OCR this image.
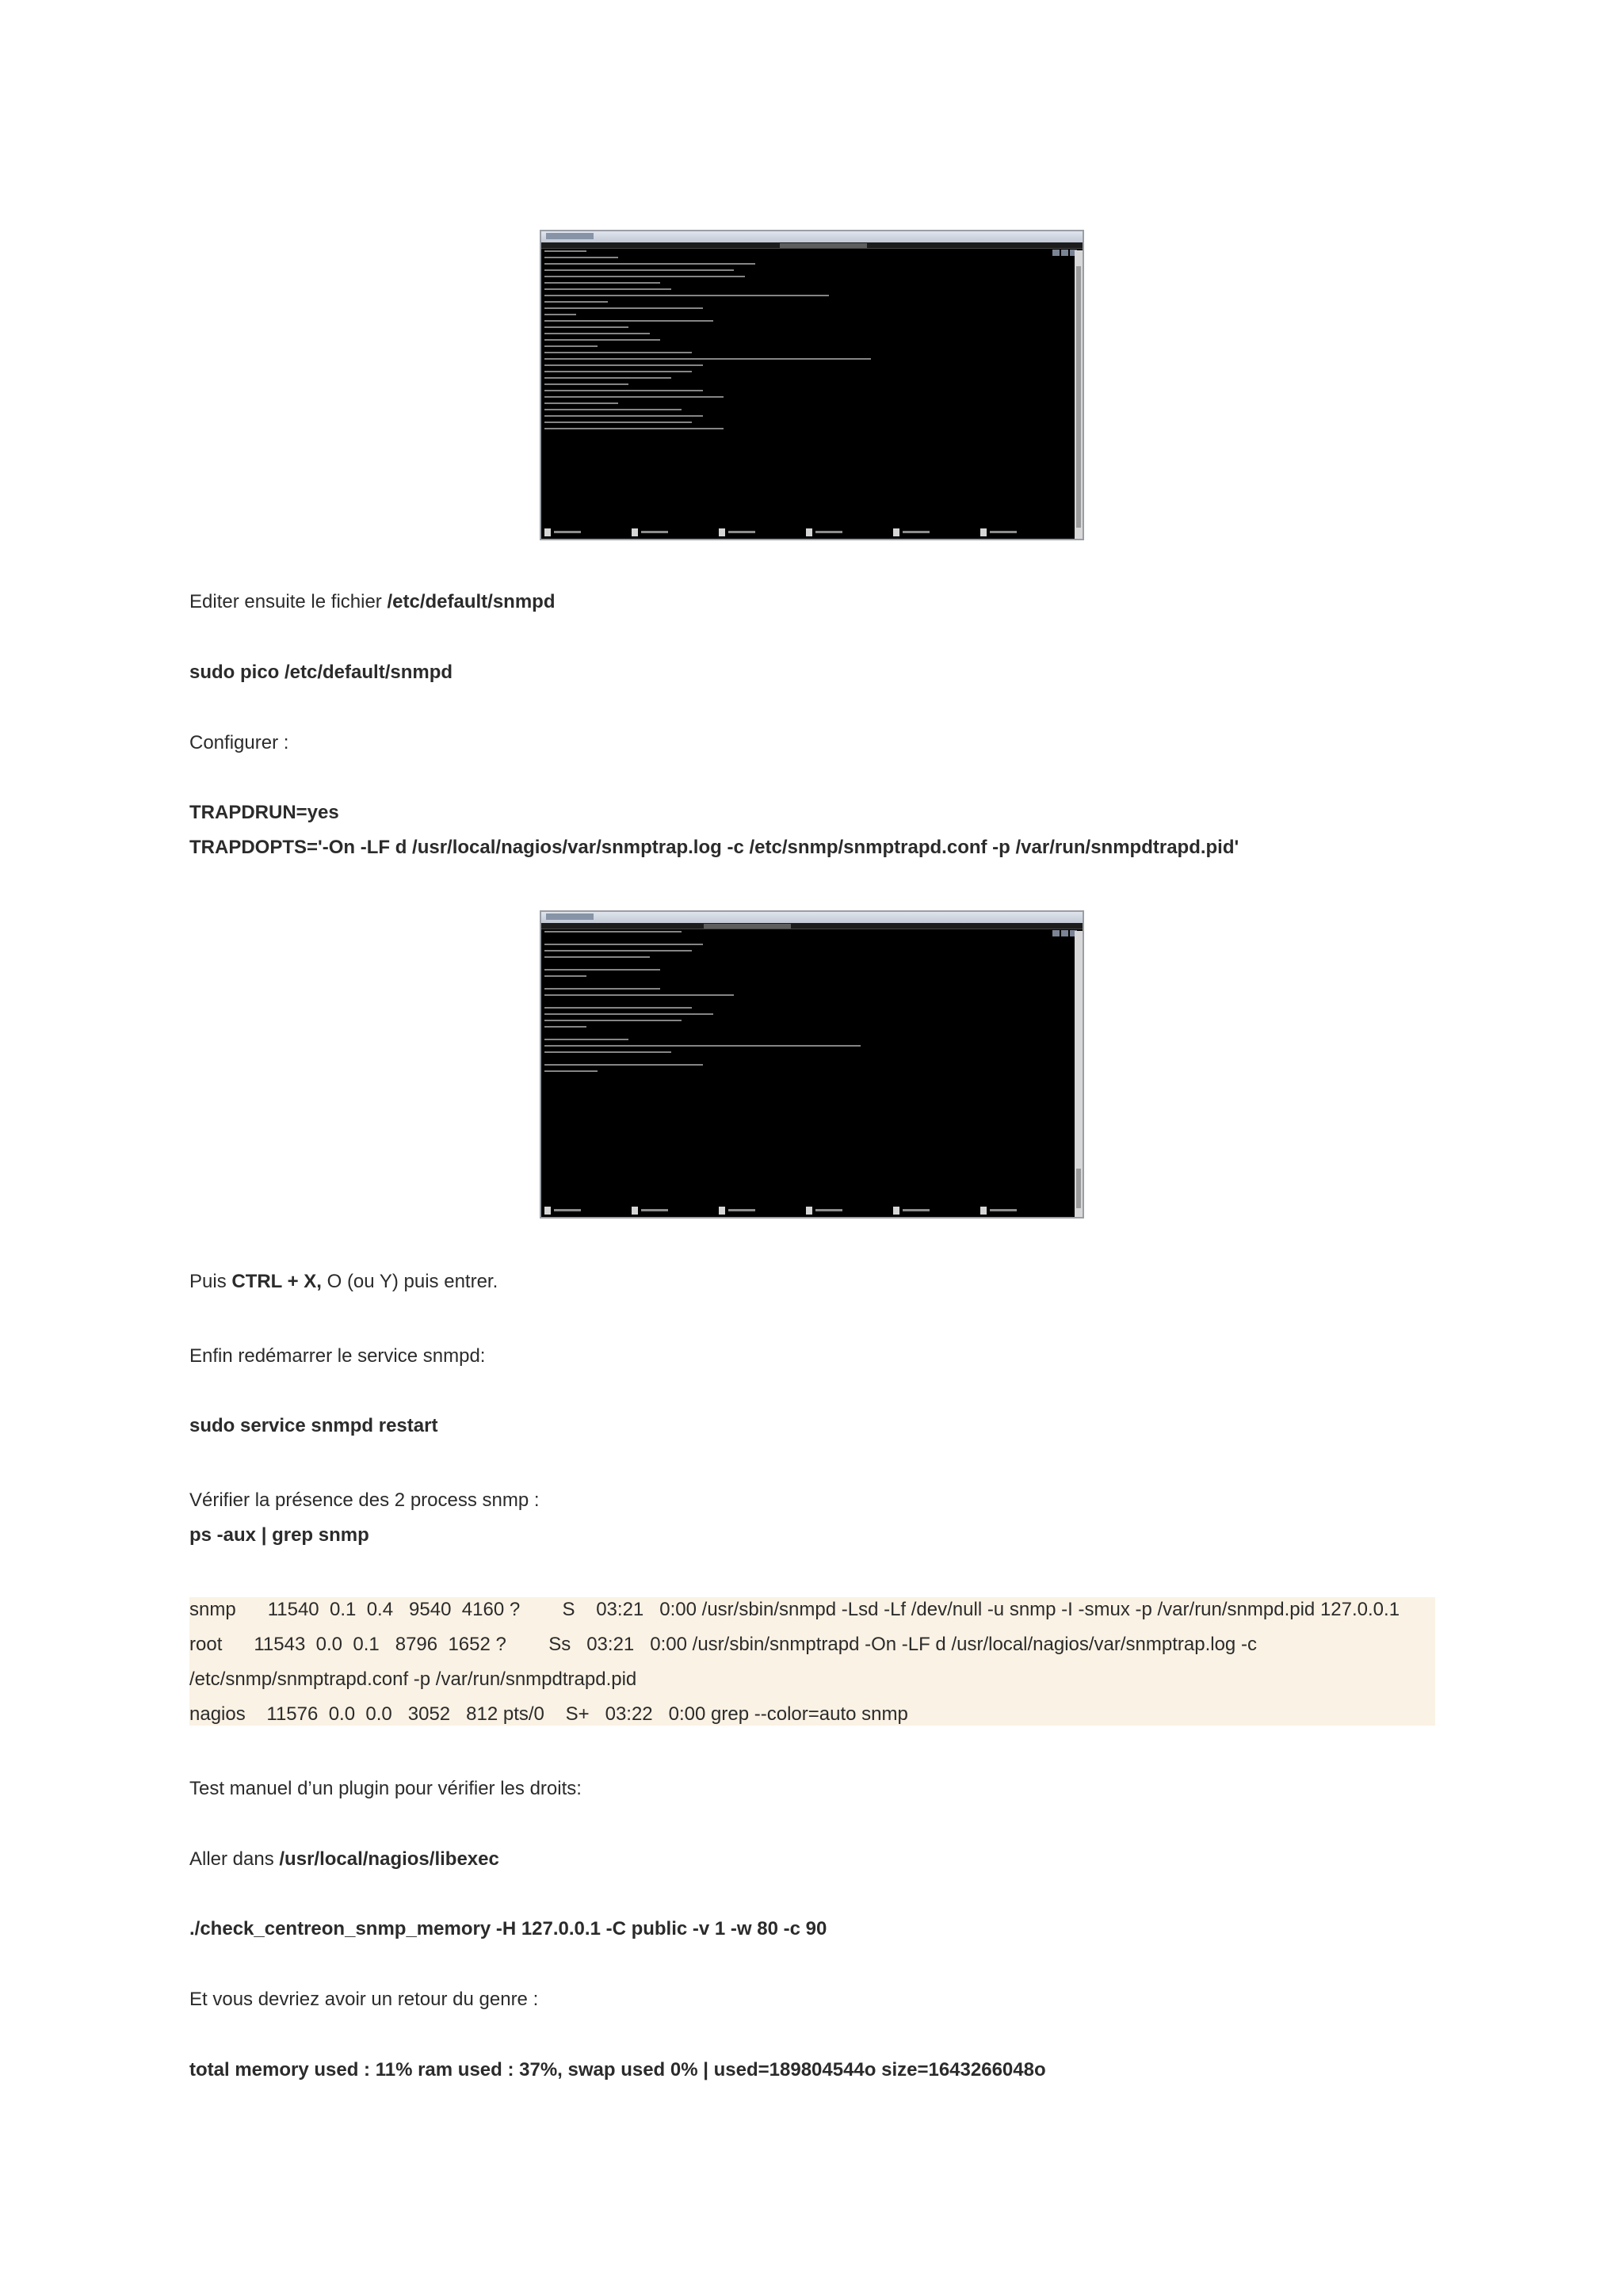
Editer ensuite le fichier /etc/default/snmpd
sudo pico /etc/default/snmpd
Configurer :
TRAPDRUN=yes
TRAPDOPTS='-On -LF d /usr/local/nagios/var/snmptrap.log -c /etc/snmp/snmptrapd.conf -p /var/run/snmpdtrapd.pid'
Puis CTRL + X, O (ou Y) puis entrer.
Enfin redémarrer le service snmpd:
sudo service snmpd restart
Vérifier la présence des 2 process snmp :
ps -aux | grep snmp
snmp      11540  0.1  0.4   9540  4160 ?        S    03:21   0:00 /usr/sbin/snmpd -Lsd -Lf /dev/null -u snmp -I -smux -p /var/run/snmpd.pid 127.0.0.1
root      11543  0.0  0.1   8796  1652 ?        Ss   03:21   0:00 /usr/sbin/snmptrapd -On -LF d /usr/local/nagios/var/snmptrap.log -c
/etc/snmp/snmptrapd.conf -p /var/run/snmpdtrapd.pid
nagios    11576  0.0  0.0   3052   812 pts/0    S+   03:22   0:00 grep --color=auto snmp
Test manuel d’un plugin pour vérifier les droits:
Aller dans /usr/local/nagios/libexec
./check_centreon_snmp_memory -H 127.0.0.1 -C public -v 1 -w 80 -c 90
Et vous devriez avoir un retour du genre :
total memory used : 11% ram used : 37%, swap used 0% | used=189804544o size=1643266048o
